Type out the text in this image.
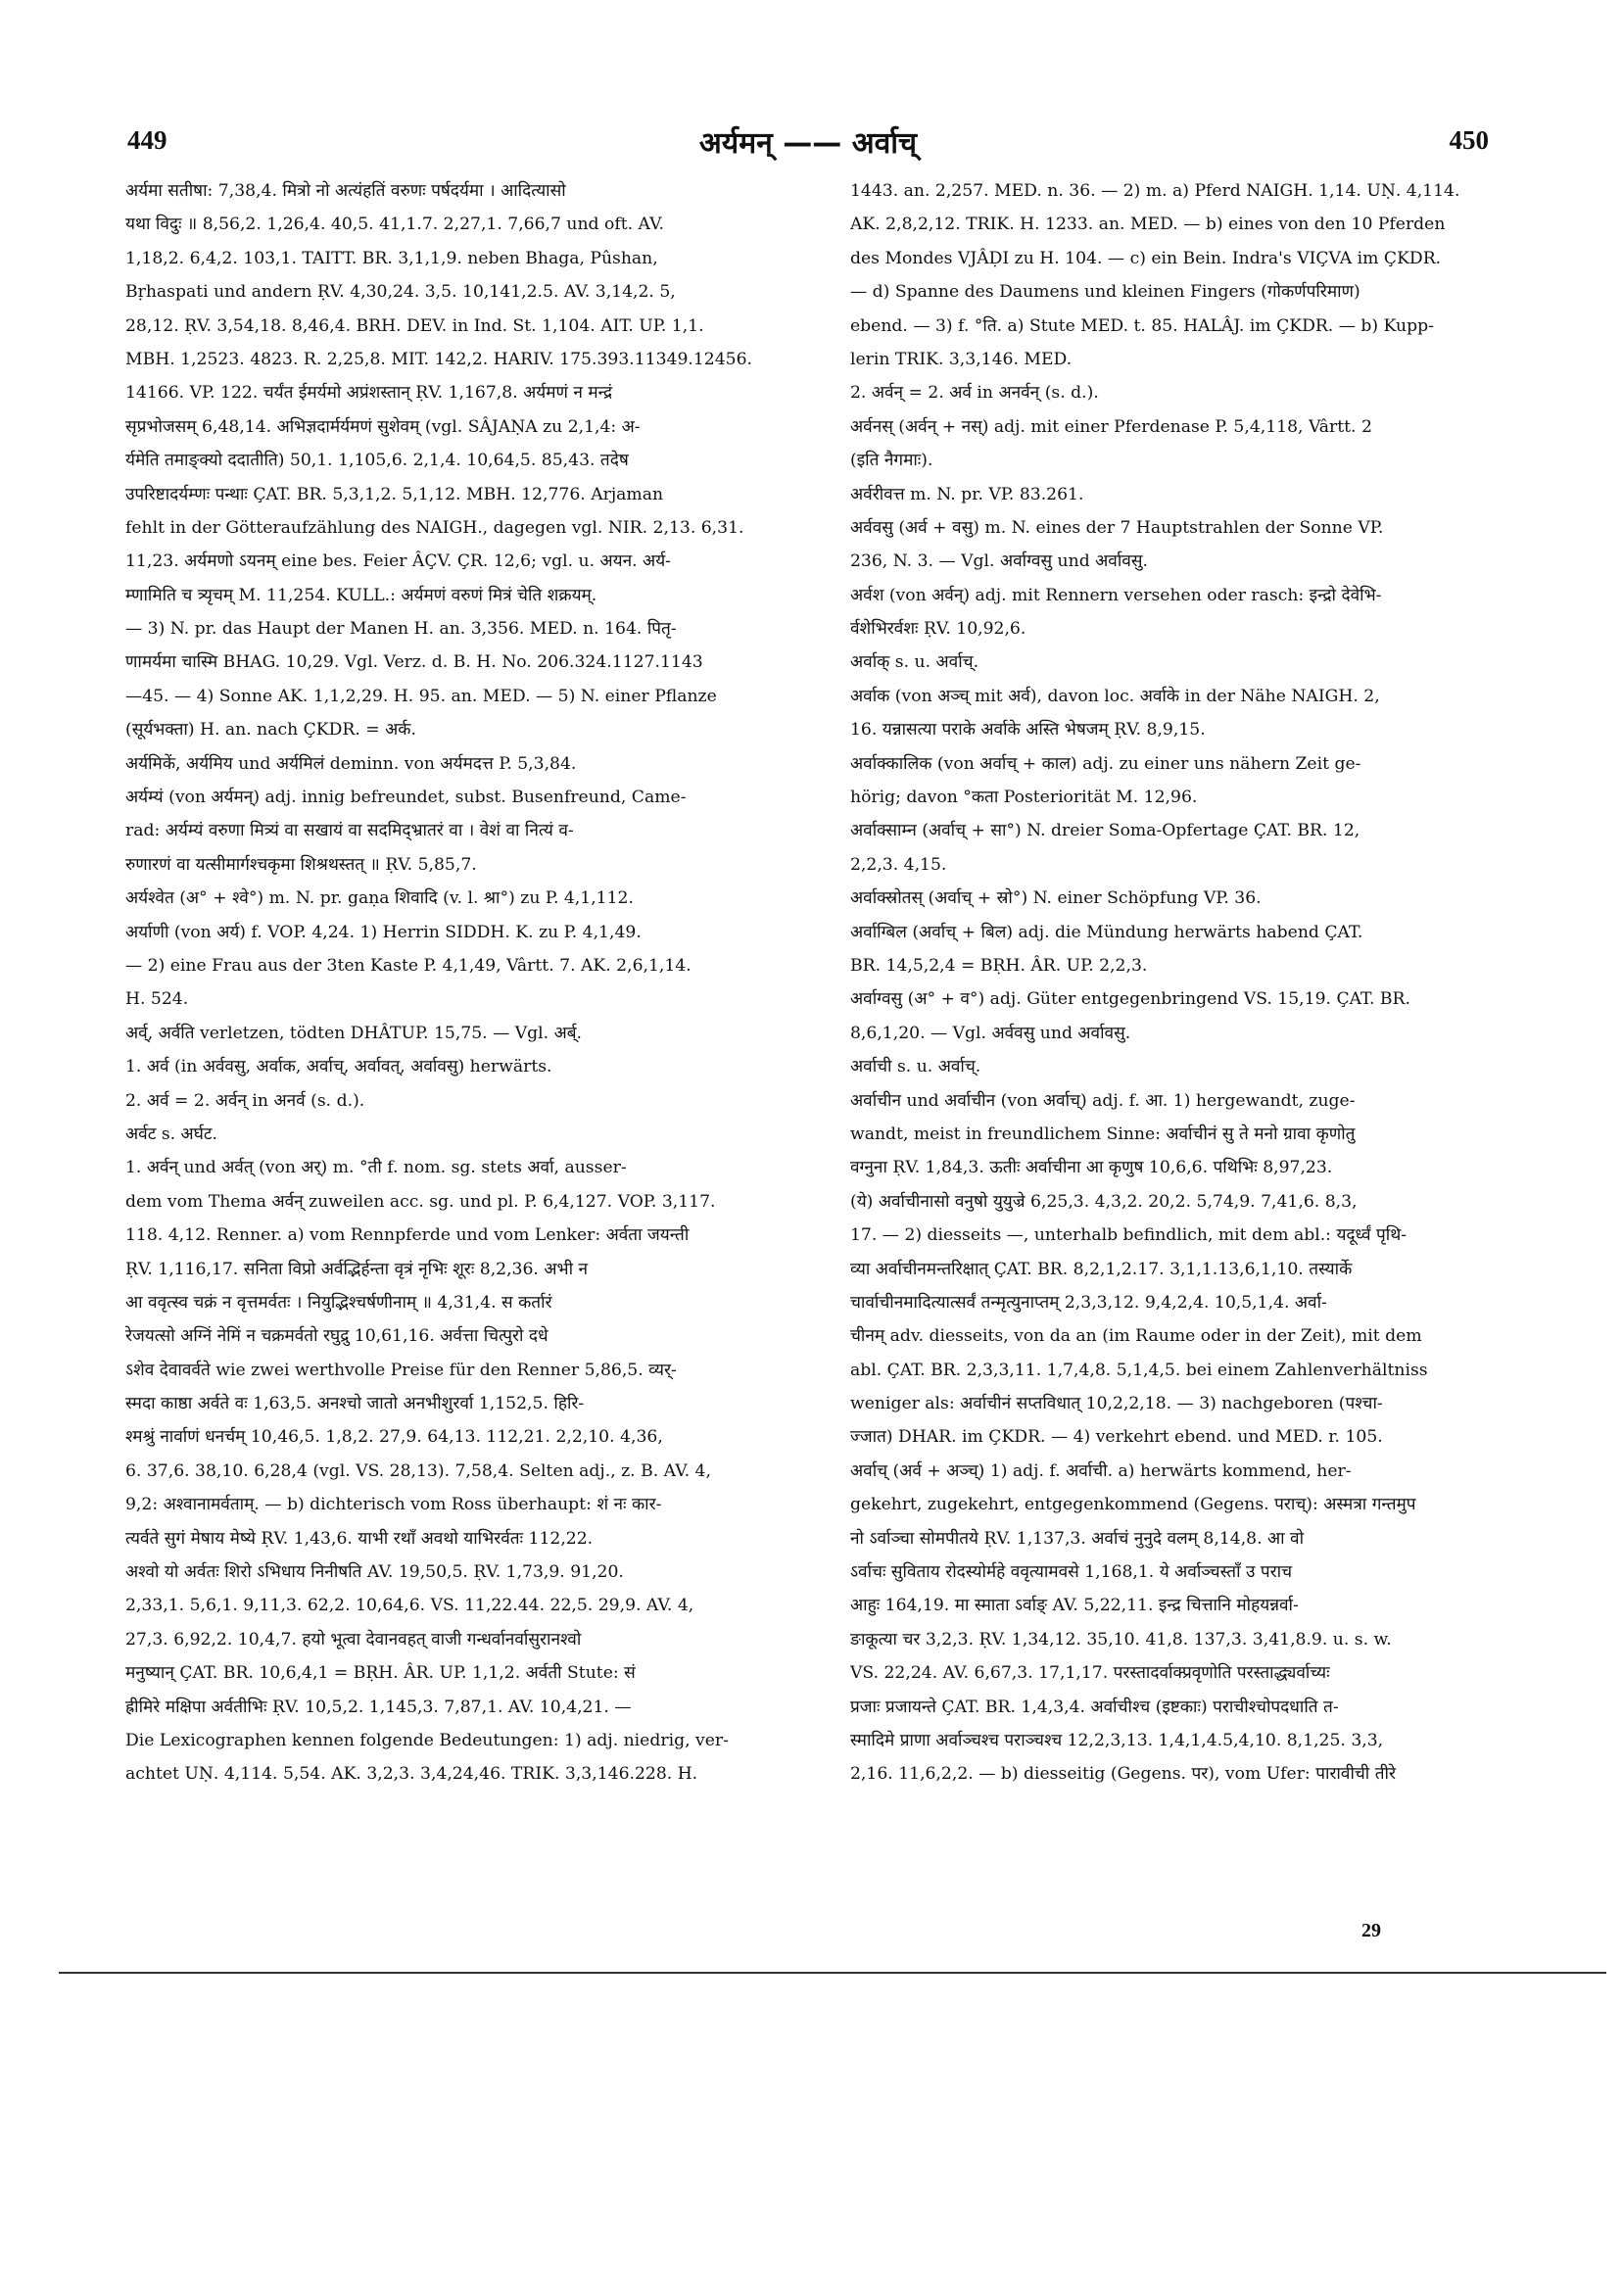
449	अर्यमन् —— अर्वाच्	450
अर्यमा सतीषा: 7,38,4. मित्रो नो अत्यंहतिं वरुणः पर्षदर्यमा । आदित्यासो
यथा विदुः ॥ 8,56,2. 1,26,4. 40,5. 41,1.7. 2,27,1. 7,66,7 und oft. AV.
1,18,2. 6,4,2. 103,1. TAITT. BR. 3,1,1,9. neben Bhaga, Pûshan,
Bṛhaspati und andern ṚV. 4,30,24. 3,5. 10,141,2.5. AV. 3,14,2. 5,
28,12. ṚV. 3,54,18. 8,46,4. BRH. DEV. in Ind. St. 1,104. AIT. UP. 1,1.
MBH. 1,2523. 4823. R. 2,25,8. MIT. 142,2. HARIV. 175.393.11349.12456.
14166. VP. 122. चर्यंत ईमर्यमो अप्रंशस्तान् ṚV. 1,167,8. अर्यमणं न मन्द्रं
सृप्रभोजसम् 6,48,14. अभिज्ञदार्मर्यमणं सुशेवम् (vgl. SÂJAṆA zu 2,1,4: अ-
र्यमेति तमाङ्क्यो ददातीति) 50,1. 1,105,6. 2,1,4. 10,64,5. 85,43. तदेष
उपरिष्टादर्यम्णः पन्थाः ÇAT. BR. 5,3,1,2. 5,1,12. MBH. 12,776. Arjaman
fehlt in der Götteraufzählung des NAIGH., dagegen vgl. NIR. 2,13. 6,31.
11,23. अर्यमणो ऽयनम् eine bes. Feier ÂÇV. ÇR. 12,6; vgl. u. अयन. अर्य-
म्णामिति च त्र्यृचम् M. 11,254. KULL.: अर्यमणं वरुणं मित्रं चेति शक्रयम्.
— 3) N. pr. das Haupt der Manen H. an. 3,356. MED. n. 164. पितृ-
णामर्यमा चास्मि BHAG. 10,29. Vgl. Verz. d. B. H. No. 206.324.1127.1143
—45. — 4) Sonne AK. 1,1,2,29. H. 95. an. MED. — 5) N. einer Pflanze
(सूर्यभक्ता) H. an. nach ÇKDR. = अर्क.
अर्यमिकें, अर्यमिय und अर्यमिलं deminn. von अर्यमदत्त P. 5,3,84.
अर्यम्यं (von अर्यमन्) adj. innig befreundet, subst. Busenfreund, Came-
rad: अर्यम्यं वरुणा मित्र्यं वा सखायं वा सदमिद्भ्रातरं वा । वेशं वा नित्यं व-
रुणारणं वा यत्सीमार्गश्चकृमा शिश्रथस्तत् ॥ ṚV. 5,85,7.
अर्यश्वेत (अ° + श्वे°) m. N. pr. gaṇa शिवादि (v. l. श्रा°) zu P. 4,1,112.
अर्याणी (von अर्य) f. VOP. 4,24. 1) Herrin SIDDH. K. zu P. 4,1,49.
— 2) eine Frau aus der 3ten Kaste P. 4,1,49, Vârtt. 7. AK. 2,6,1,14.
H. 524.
अर्व्, अर्वति verletzen, tödten DHÂTUP. 15,75. — Vgl. अर्ब्.
1. अर्व (in अर्ववसु, अर्वाक, अर्वाच्, अर्वावत्, अर्वावसु) herwärts.
2. अर्व = 2. अर्वन् in अनर्व (s. d.).
अर्वट s. अर्घट.
1. अर्वन् und अर्वत् (von अर्) m. °ती f. nom. sg. stets अर्वा, ausser-
dem vom Thema अर्वन् zuweilen acc. sg. und pl. P. 6,4,127. VOP. 3,117.
118. 4,12. Renner. a) vom Rennpferde und vom Lenker: अर्वता जयन्ती
ṚV. 1,116,17. सनिता विप्रो अर्वद्भिर्हन्ता वृत्रं नृभिः शूरः 8,2,36. अभी न
आ ववृत्स्व चक्रं न वृत्तमर्वतः । नियुद्भिश्चर्षणीनाम् ॥ 4,31,4. स कर्तारं
रेजयत्सो अग्निं नेमिं न चक्रमर्वतो रघुद्रु 10,61,16. अर्वत्ता चित्पुरो दधे
ऽशेव देवावर्वते wie zwei werthvolle Preise für den Renner 5,86,5. व्यर्-
स्मदा काष्ठा अर्वते वः 1,63,5. अनश्चो जातो अनभीशुरर्वा 1,152,5. हिरि-
श्मश्रुं नार्वाणं धनर्चम् 10,46,5. 1,8,2. 27,9. 64,13. 112,21. 2,2,10. 4,36,
6. 37,6. 38,10. 6,28,4 (vgl. VS. 28,13). 7,58,4. Selten adj., z. B. AV. 4,
9,2: अश्वानामर्वताम्. — b) dichterisch vom Ross überhaupt: शं नः कार-
त्यर्वते सुगं मेषाय मेष्ये ṚV. 1,43,6. याभी रथाँ अवथो याभिरर्वतः 112,22.
अश्वो यो अर्वतः शिरो ऽभिधाय निनीषति AV. 19,50,5. ṚV. 1,73,9. 91,20.
2,33,1. 5,6,1. 9,11,3. 62,2. 10,64,6. VS. 11,22.44. 22,5. 29,9. AV. 4,
27,3. 6,92,2. 10,4,7. हयो भूत्वा देवानवहत् वाजी गन्धर्वानर्वासुरानश्वो
मनुष्यान् ÇAT. BR. 10,6,4,1 = BṚH. ÂR. UP. 1,1,2. अर्वती Stute: सं
ह्रीमिरे मक्षिपा अर्वतीभिः ṚV. 10,5,2. 1,145,3. 7,87,1. AV. 10,4,21. —
Die Lexicographen kennen folgende Bedeutungen: 1) adj. niedrig, ver-
achtet UṆ. 4,114. 5,54. AK. 3,2,3. 3,4,24,46. TRIK. 3,3,146.228. H.
1443. an. 2,257. MED. n. 36. — 2) m. a) Pferd NAIGH. 1,14. UṆ. 4,114.
AK. 2,8,2,12. TRIK. H. 1233. an. MED. — b) eines von den 10 Pferden
des Mondes VJÂḌI zu H. 104. — c) ein Bein. Indra's VIÇVA im ÇKDR.
— d) Spanne des Daumens und kleinen Fingers (गोकर्णपरिमाण)
ebend. — 3) f. °ति. a) Stute MED. t. 85. HALÂJ. im ÇKDR. — b) Kupp-
lerin TRIK. 3,3,146. MED.
2. अर्वन् = 2. अर्व in अनर्वन् (s. d.).
अर्वनस् (अर्वन् + नस्) adj. mit einer Pferdenase P. 5,4,118, Vârtt. 2
(इति नैगमाः).
अर्वरीवत्त m. N. pr. VP. 83.261.
अर्ववसु (अर्व + वसु) m. N. eines der 7 Hauptstrahlen der Sonne VP.
236, N. 3. — Vgl. अर्वाग्वसु und अर्वावसु.
अर्वश (von अर्वन्) adj. mit Rennern versehen oder rasch: इन्द्रो देवेभि-
र्वशेभिरर्वशः ṚV. 10,92,6.
अर्वाक् s. u. अर्वाच्.
अर्वाक (von अञ्च् mit अर्व), davon loc. अर्वाके in der Nähe NAIGH. 2,
16. यन्नासत्या पराके अर्वाके अस्ति भेषजम् ṚV. 8,9,15.
अर्वाक्कालिक (von अर्वाच् + काल) adj. zu einer uns nähern Zeit ge-
hörig; davon °कता Posteriorität M. 12,96.
अर्वाक्साम्न (अर्वाच् + सा°) N. dreier Soma-Opfertage ÇAT. BR. 12,
2,2,3. 4,15.
अर्वाक्स्रोतस् (अर्वाच् + स्रो°) N. einer Schöpfung VP. 36.
अर्वाग्बिल (अर्वाच् + बिल) adj. die Mündung herwärts habend ÇAT.
BR. 14,5,2,4 = BṚH. ÂR. UP. 2,2,3.
अर्वाग्वसु (अ° + व°) adj. Güter entgegenbringend VS. 15,19. ÇAT. BR.
8,6,1,20. — Vgl. अर्ववसु und अर्वावसु.
अर्वाची s. u. अर्वाच्.
अर्वाचीन und अर्वाचीन (von अर्वाच्) adj. f. आ. 1) hergewandt, zuge-
wandt, meist in freundlichem Sinne: अर्वाचीनं सु ते मनो ग्रावा कृणोतु
वग्नुना ṚV. 1,84,3. ऊतीः अर्वाचीना आ कृणुष 10,6,6. पथिभिः 8,97,23.
(ये) अर्वाचीनासो वनुषो युयुज्रे 6,25,3. 4,3,2. 20,2. 5,74,9. 7,41,6. 8,3,
17. — 2) diesseits —, unterhalb befindlich, mit dem abl.: यदूर्ध्वं पृथि-
व्या अर्वाचीनमन्तरिक्षात् ÇAT. BR. 8,2,1,2.17. 3,1,1.13,6,1,10. तस्यार्के
चार्वाचीनमादित्यात्सर्वं तन्मृत्युनाप्तम् 2,3,3,12. 9,4,2,4. 10,5,1,4. अर्वा-
चीनम् adv. diesseits, von da an (im Raume oder in der Zeit), mit dem
abl. ÇAT. BR. 2,3,3,11. 1,7,4,8. 5,1,4,5. bei einem Zahlenverhältniss
weniger als: अर्वाचीनं सप्तविधात् 10,2,2,18. — 3) nachgeboren (पश्चा-
ज्जात) DHAR. im ÇKDR. — 4) verkehrt ebend. und MED. r. 105.
अर्वाच् (अर्व + अञ्च्) 1) adj. f. अर्वाची. a) herwärts kommend, her-
gekehrt, zugekehrt, entgegenkommend (Gegens. पराच्): अस्मत्रा गन्तमुप
नो ऽर्वाञ्चा सोमपीतये ṚV. 1,137,3. अर्वाचं नुनुदे वलम् 8,14,8. आ वो
ऽर्वाचः सुविताय रोदस्योर्महे ववृत्यामवसे 1,168,1. ये अर्वाञ्चस्ताँ उ पराच
आहुः 164,19. मा स्माता ऽर्वाङ् AV. 5,22,11. इन्द्र चित्तानि मोहयन्नर्वा-
ङाकूत्या चर 3,2,3. ṚV. 1,34,12. 35,10. 41,8. 137,3. 3,41,8.9. u. s. w.
VS. 22,24. AV. 6,67,3. 17,1,17. परस्तादर्वाक्प्रवृणोति परस्ताद्ध्यर्वाच्यः
प्रजाः प्रजायन्ते ÇAT. BR. 1,4,3,4. अर्वाचीश्च (इष्टकाः) पराचीश्चोपदधाति त-
स्मादिमे प्राणा अर्वाञ्चश्च पराञ्चश्च 12,2,3,13. 1,4,1,4.5,4,10. 8,1,25. 3,3,
2,16. 11,6,2,2. — b) diesseitig (Gegens. पर), vom Ufer: पारावीची तीरे
29
